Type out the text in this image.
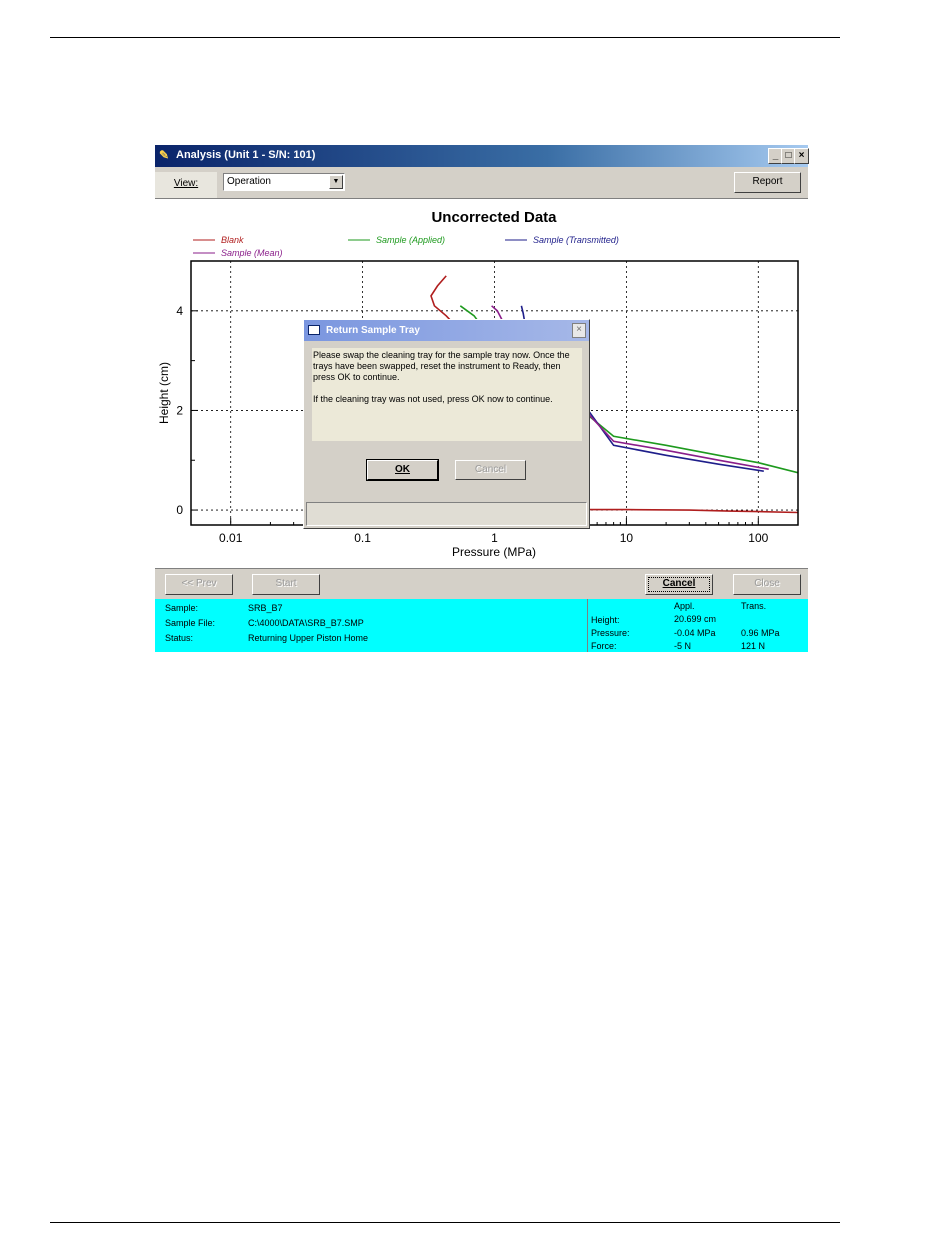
✎ Analysis (Unit 1 - S/N: 101)	_ □ ×
View:	Operation	▼	Report
Uncorrected Data
0.01	0.1	1	10	100
0
2
4
Pressure (MPa)
Height (cm)
Blank	Sample (Applied)	Sample (Transmitted)
Sample (Mean)
<< Prev	Start	Cancel	Close
Sample:	SRB_B7
Sample File:	C:\4000\DATA\SRB_B7.SMP
Status:	Returning Upper Piston Home
Appl.	Trans.
Height:	20.699 cm
Pressure:	-0.04 MPa	0.96 MPa
Force:	-5 N	121 N
Return Sample Tray	×

Please swap the cleaning tray for the sample tray now. Once the trays have been swapped, reset the instrument to Ready, then press OK to continue.

If the cleaning tray was not used, press OK now to continue.

OK	Cancel
